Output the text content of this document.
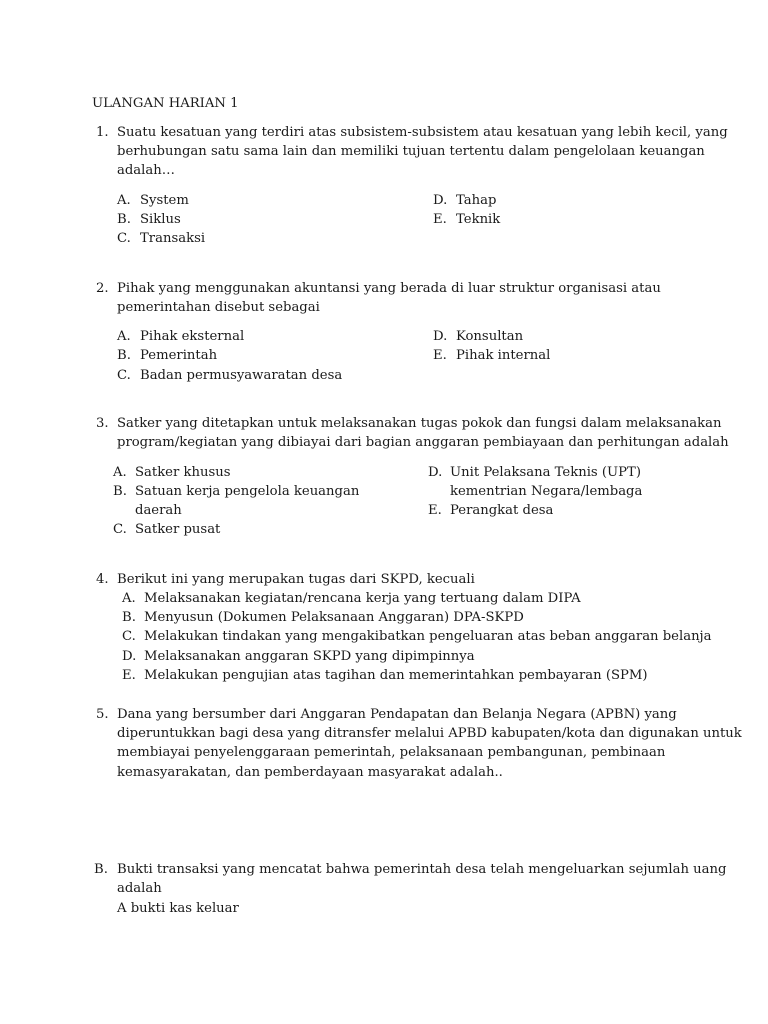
ULANGAN HARIAN 1
1. Suatu kesatuan yang terdiri atas subsistem-subsistem atau kesatuan yang lebih kecil, yang
berhubungan satu sama lain dan memiliki tujuan tertentu dalam pengelolaan keuangan
adalah…
A. System
B. Siklus
C. Transaksi
D. Tahap
E. Teknik
2. Pihak yang menggunakan akuntansi yang berada di luar struktur organisasi atau
pemerintahan disebut sebagai
A. Pihak eksternal
B. Pemerintah
C. Badan permusyawaratan desa
D. Konsultan
E. Pihak internal
3. Satker yang ditetapkan untuk melaksanakan tugas pokok dan fungsi dalam melaksanakan
program/kegiatan yang dibiayai dari bagian anggaran pembiayaan dan perhitungan adalah
A. Satker khusus
B. Satuan kerja pengelola keuangan
daerah
C. Satker pusat
D. Unit Pelaksana Teknis (UPT)
kementrian Negara/lembaga
E. Perangkat desa
4. Berikut ini yang merupakan tugas dari SKPD, kecuali
A. Melaksanakan kegiatan/rencana kerja yang tertuang dalam DIPA
B. Menyusun (Dokumen Pelaksanaan Anggaran) DPA-SKPD
C. Melakukan tindakan yang mengakibatkan pengeluaran atas beban anggaran belanja
D. Melaksanakan anggaran SKPD yang dipimpinnya
E. Melakukan pengujian atas tagihan dan memerintahkan pembayaran (SPM)
5. Dana yang bersumber dari Anggaran Pendapatan dan Belanja Negara (APBN) yang
diperuntukkan bagi desa yang ditransfer melalui APBD kabupaten/kota dan digunakan untuk
membiayai penyelenggaraan pemerintah, pelaksanaan pembangunan, pembinaan
kemasyarakatan, dan pemberdayaan masyarakat adalah..
B. Bukti transaksi yang mencatat bahwa pemerintah desa telah mengeluarkan sejumlah uang
adalah
A bukti kas keluar
